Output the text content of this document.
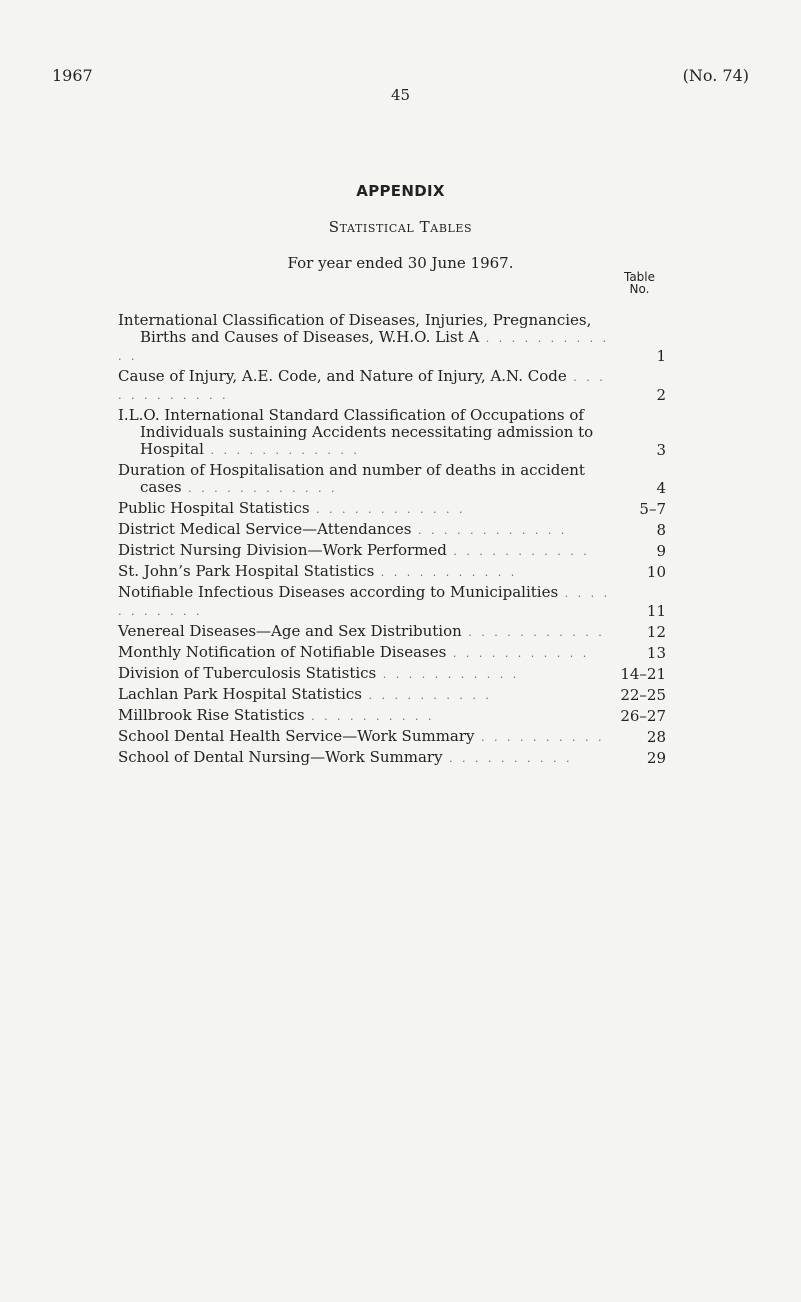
1967	(No. 74)
45
APPENDIX
Statistical Tables
For year ended 30 June 1967.
Table
No.
International Classification of Diseases, Injuries, Pregnancies,
Births and Causes of Diseases, W.H.O. List A . . . . . . . . . . . .	1
Cause of Injury, A.E. Code, and Nature of Injury, A.N. Code . . . . . . . . . . . .	2
I.L.O. International Standard Classification of Occupations of
Individuals sustaining Accidents necessitating admission to
Hospital . . . . . . . . . . . .	3
Duration of Hospitalisation and number of deaths in accident
cases . . . . . . . . . . . .	4
Public Hospital Statistics . . . . . . . . . . . .	5–7
District Medical Service—Attendances . . . . . . . . . . . .	8
District Nursing Division—Work Performed . . . . . . . . . . .	9
St. John’s Park Hospital Statistics . . . . . . . . . . .	10
Notifiable Infectious Diseases according to Municipalities . . . . . . . . . . .	11
Venereal Diseases—Age and Sex Distribution . . . . . . . . . . .	12
Monthly Notification of Notifiable Diseases . . . . . . . . . . .	13
Division of Tuberculosis Statistics . . . . . . . . . . .	14–21
Lachlan Park Hospital Statistics . . . . . . . . . .	22–25
Millbrook Rise Statistics . . . . . . . . . .	26–27
School Dental Health Service—Work Summary . . . . . . . . . .	28
School of Dental Nursing—Work Summary . . . . . . . . . .	29
